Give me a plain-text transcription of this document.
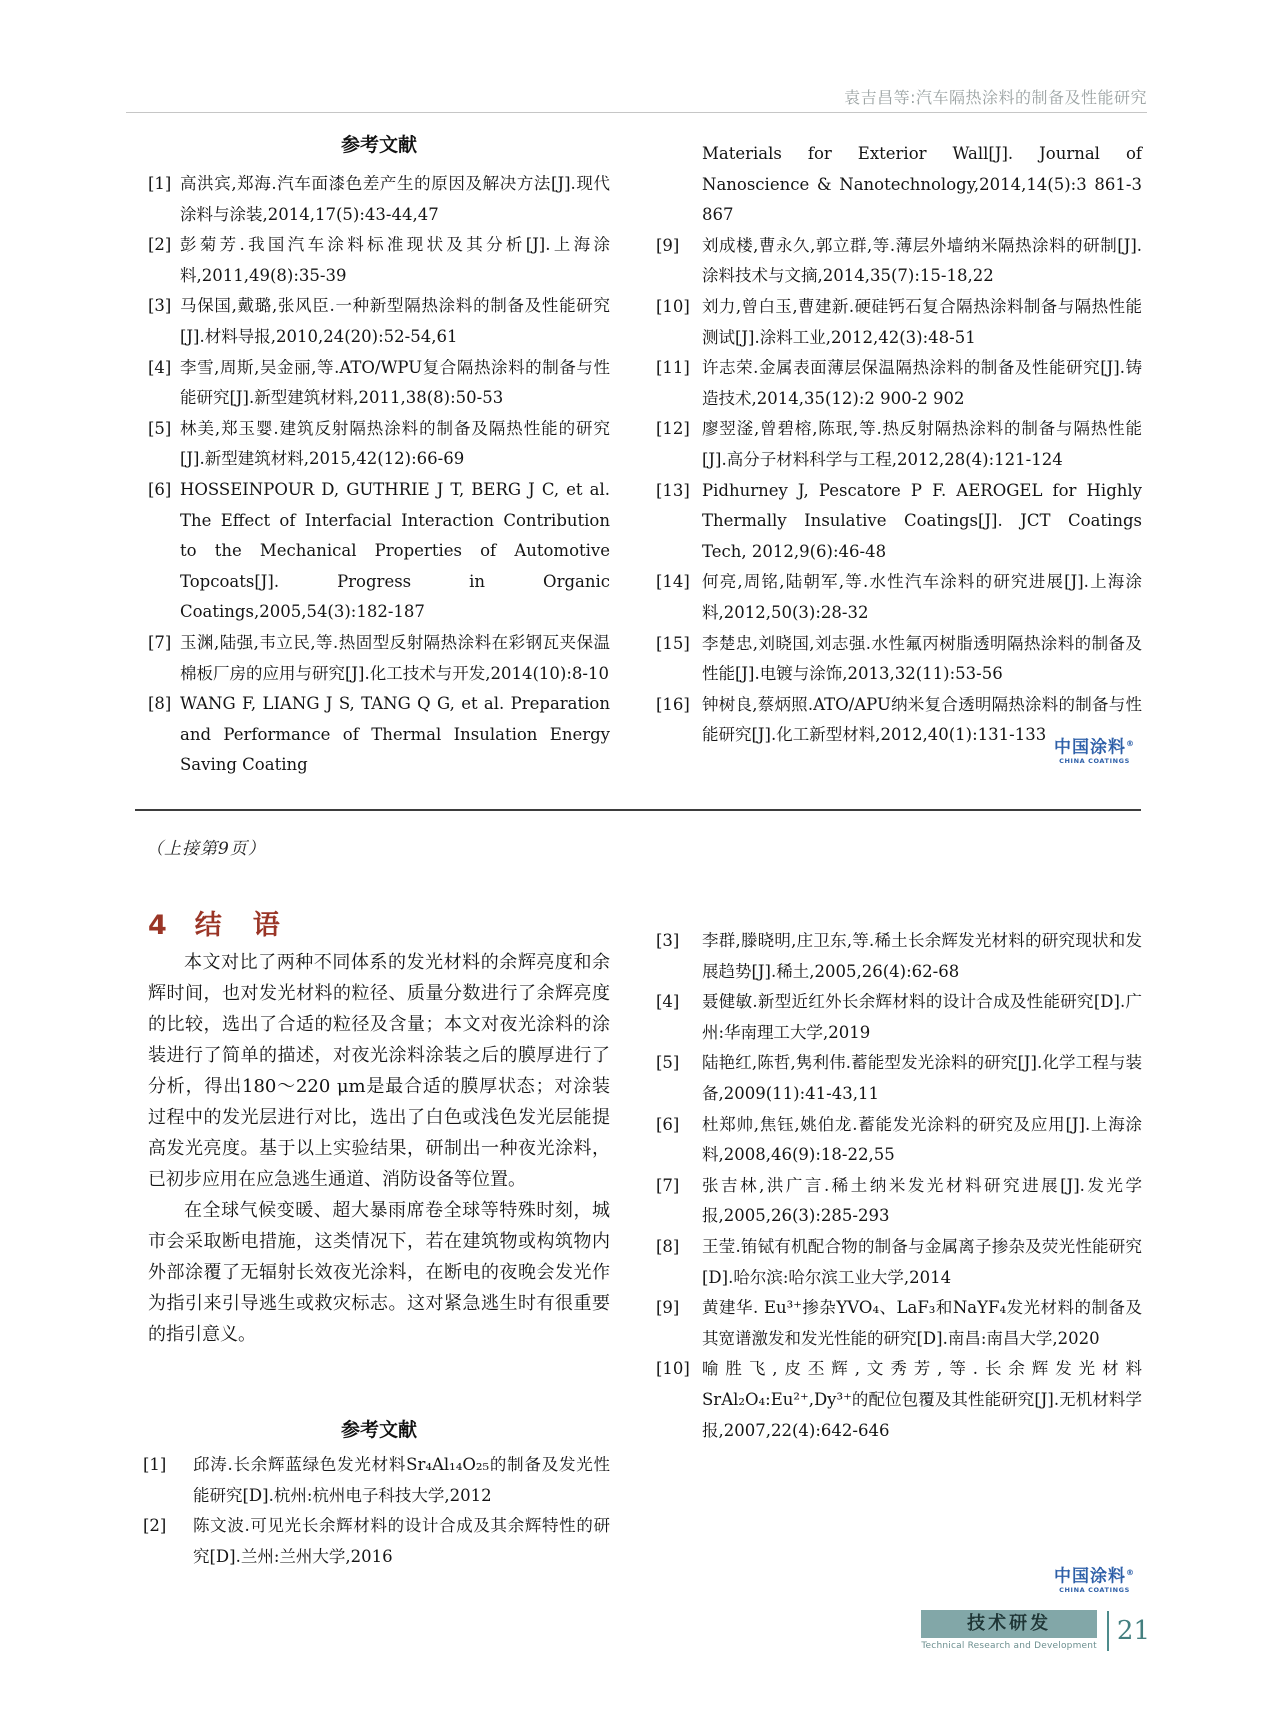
袁吉昌等:汽车隔热涂料的制备及性能研究
参考文献
[1] 高洪宾,郑海.汽车面漆色差产生的原因及解决方法[J].现代涂料与涂装,2014,17(5):43-44,47
[2] 彭菊芳.我国汽车涂料标准现状及其分析[J].上海涂料,2011,49(8):35-39
[3] 马保国,戴璐,张风臣.一种新型隔热涂料的制备及性能研究[J].材料导报,2010,24(20):52-54,61
[4] 李雪,周斯,吴金丽,等.ATO/WPU复合隔热涂料的制备与性能研究[J].新型建筑材料,2011,38(8):50-53
[5] 林美,郑玉婴.建筑反射隔热涂料的制备及隔热性能的研究[J].新型建筑材料,2015,42(12):66-69
[6] HOSSEINPOUR D, GUTHRIE J T, BERG J C, et al. The Effect of Interfacial Interaction Contribution to the Mechanical Properties of Automotive Topcoats[J]. Progress in Organic Coatings,2005,54(3):182-187
[7] 玉渊,陆强,韦立民,等.热固型反射隔热涂料在彩钢瓦夹保温棉板厂房的应用与研究[J].化工技术与开发,2014(10):8-10
[8] WANG F, LIANG J S, TANG Q G, et al. Preparation and Performance of Thermal Insulation Energy Saving Coating
Materials for Exterior Wall[J]. Journal of Nanoscience & Nanotechnology,2014,14(5):3 861-3 867
[9] 刘成楼,曹永久,郭立群,等.薄层外墙纳米隔热涂料的研制[J].涂料技术与文摘,2014,35(7):15-18,22
[10] 刘力,曾白玉,曹建新.硬硅钙石复合隔热涂料制备与隔热性能测试[J].涂料工业,2012,42(3):48-51
[11] 许志荣.金属表面薄层保温隔热涂料的制备及性能研究[J].铸造技术,2014,35(12):2 900-2 902
[12] 廖翌滏,曾碧榕,陈珉,等.热反射隔热涂料的制备与隔热性能[J].高分子材料科学与工程,2012,28(4):121-124
[13] Pidhurney J, Pescatore P F. AEROGEL for Highly Thermally Insulative Coatings[J]. JCT Coatings Tech, 2012,9(6):46-48
[14] 何亮,周铭,陆朝军,等.水性汽车涂料的研究进展[J].上海涂料,2012,50(3):28-32
[15] 李楚忠,刘晓国,刘志强.水性氟丙树脂透明隔热涂料的制备及性能[J].电镀与涂饰,2013,32(11):53-56
[16] 钟树良,蔡炳照.ATO/APU纳米复合透明隔热涂料的制备与性能研究[J].化工新型材料,2012,40(1):131-133
中国涂料®
CHINA COATINGS
（上接第9页）
4 结　语

本文对比了两种不同体系的发光材料的余辉亮度和余辉时间，也对发光材料的粒径、质量分数进行了余辉亮度的比较，选出了合适的粒径及含量；本文对夜光涂料的涂装进行了简单的描述，对夜光涂料涂装之后的膜厚进行了分析，得出180～220 μm是最合适的膜厚状态；对涂装过程中的发光层进行对比，选出了白色或浅色发光层能提高发光亮度。基于以上实验结果，研制出一种夜光涂料，已初步应用在应急逃生通道、消防设备等位置。

在全球气候变暖、超大暴雨席卷全球等特殊时刻，城市会采取断电措施，这类情况下，若在建筑物或构筑物内外部涂覆了无辐射长效夜光涂料，在断电的夜晚会发光作为指引来引导逃生或救灾标志。这对紧急逃生时有很重要的指引意义。

参考文献
[1] 邱涛.长余辉蓝绿色发光材料Sr₄Al₁₄O₂₅的制备及发光性能研究[D].杭州:杭州电子科技大学,2012
[2] 陈文波.可见光长余辉材料的设计合成及其余辉特性的研究[D].兰州:兰州大学,2016
[3] 李群,滕晓明,庄卫东,等.稀土长余辉发光材料的研究现状和发展趋势[J].稀土,2005,26(4):62-68
[4] 聂健敏.新型近红外长余辉材料的设计合成及性能研究[D].广州:华南理工大学,2019
[5] 陆艳红,陈哲,隽利伟.蓄能型发光涂料的研究[J].化学工程与装备,2009(11):41-43,11
[6] 杜郑帅,焦钰,姚伯龙.蓄能发光涂料的研究及应用[J].上海涂料,2008,46(9):18-22,55
[7] 张吉林,洪广言.稀土纳米发光材料研究进展[J].发光学报,2005,26(3):285-293
[8] 王莹.铕铽有机配合物的制备与金属离子掺杂及荧光性能研究[D].哈尔滨:哈尔滨工业大学,2014
[9] 黄建华. Eu³⁺掺杂YVO₄、LaF₃和NaYF₄发光材料的制备及其宽谱激发和发光性能的研究[D].南昌:南昌大学,2020
[10] 喻胜飞,皮丕辉,文秀芳,等.长余辉发光材料SrAl₂O₄:Eu²⁺,Dy³⁺的配位包覆及其性能研究[J].无机材料学报,2007,22(4):642-646
中国涂料®
CHINA COATINGS
技术研发
Technical Research and Development
21
